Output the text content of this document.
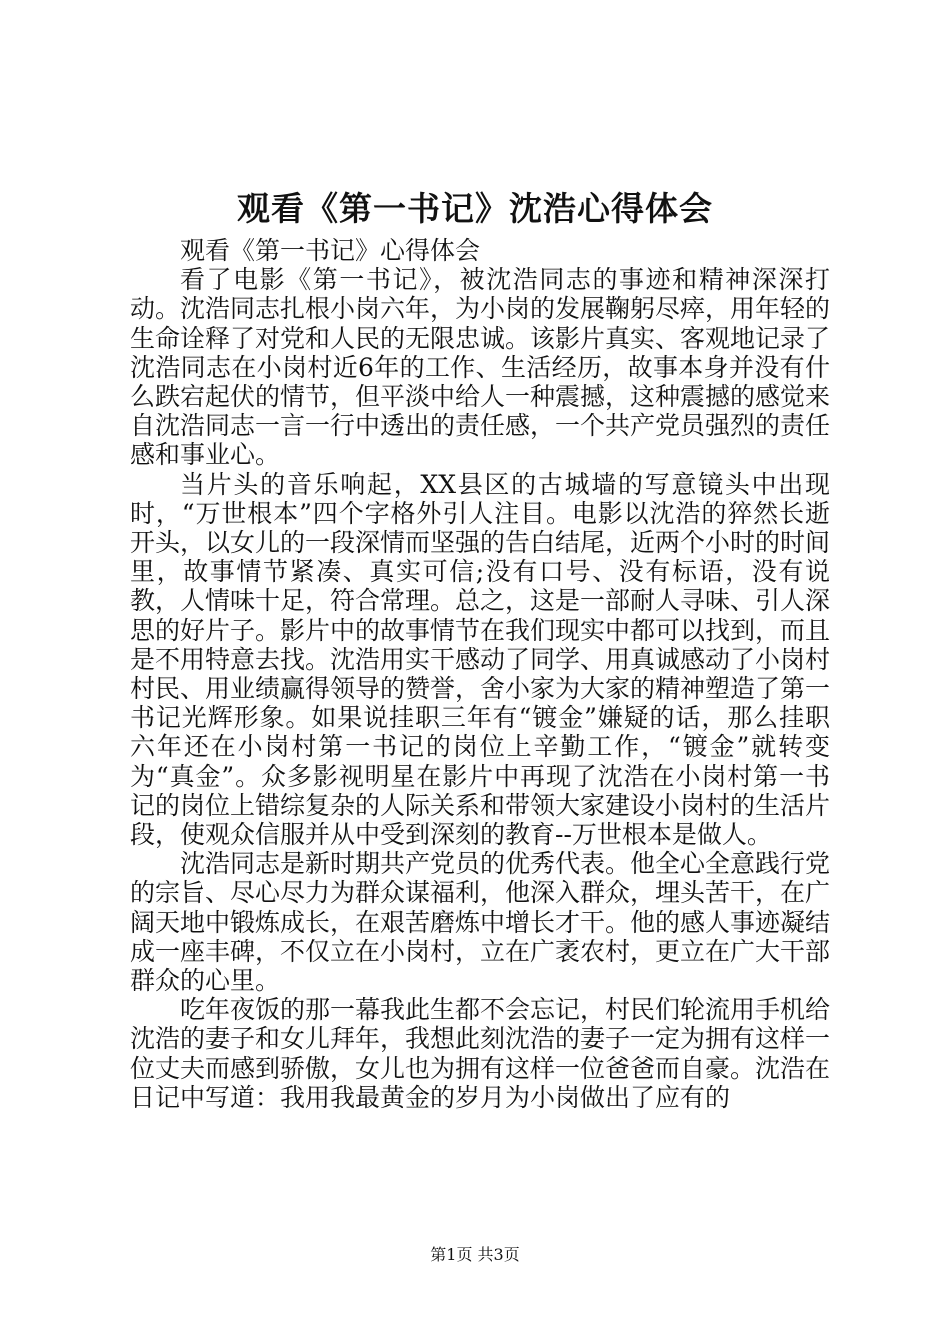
观看《第一书记》沈浩心得体会

观看《第一书记》心得体会

看了电影《第一书记》，被沈浩同志的事迹和精神深深打动。沈浩同志扎根小岗六年，为小岗的发展鞠躬尽瘁，用年轻的生命诠释了对党和人民的无限忠诚。该影片真实、客观地记录了沈浩同志在小岗村近6年的工作、生活经历，故事本身并没有什么跌宕起伏的情节，但平淡中给人一种震撼，这种震撼的感觉来自沈浩同志一言一行中透出的责任感，一个共产党员强烈的责任感和事业心。

当片头的音乐响起，XX县区的古城墙的写意镜头中出现时，“万世根本”四个字格外引人注目。电影以沈浩的猝然长逝开头，以女儿的一段深情而坚强的告白结尾，近两个小时的时间里，故事情节紧凑、真实可信;没有口号、没有标语，没有说教，人情味十足，符合常理。总之，这是一部耐人寻味、引人深思的好片子。影片中的故事情节在我们现实中都可以找到，而且是不用特意去找。沈浩用实干感动了同学、用真诚感动了小岗村村民、用业绩赢得领导的赞誉，舍小家为大家的精神塑造了第一书记光辉形象。如果说挂职三年有“镀金”嫌疑的话，那么挂职六年还在小岗村第一书记的岗位上辛勤工作，“镀金”就转变为“真金”。众多影视明星在影片中再现了沈浩在小岗村第一书记的岗位上错综复杂的人际关系和带领大家建设小岗村的生活片段，使观众信服并从中受到深刻的教育--万世根本是做人。

沈浩同志是新时期共产党员的优秀代表。他全心全意践行党的宗旨、尽心尽力为群众谋福利，他深入群众，埋头苦干，在广阔天地中锻炼成长，在艰苦磨炼中增长才干。他的感人事迹凝结成一座丰碑，不仅立在小岗村，立在广袤农村，更立在广大干部群众的心里。

吃年夜饭的那一幕我此生都不会忘记，村民们轮流用手机给沈浩的妻子和女儿拜年，我想此刻沈浩的妻子一定为拥有这样一位丈夫而感到骄傲，女儿也为拥有这样一位爸爸而自豪。沈浩在日记中写道：我用我最黄金的岁月为小岗做出了应有的

第1页 共3页
